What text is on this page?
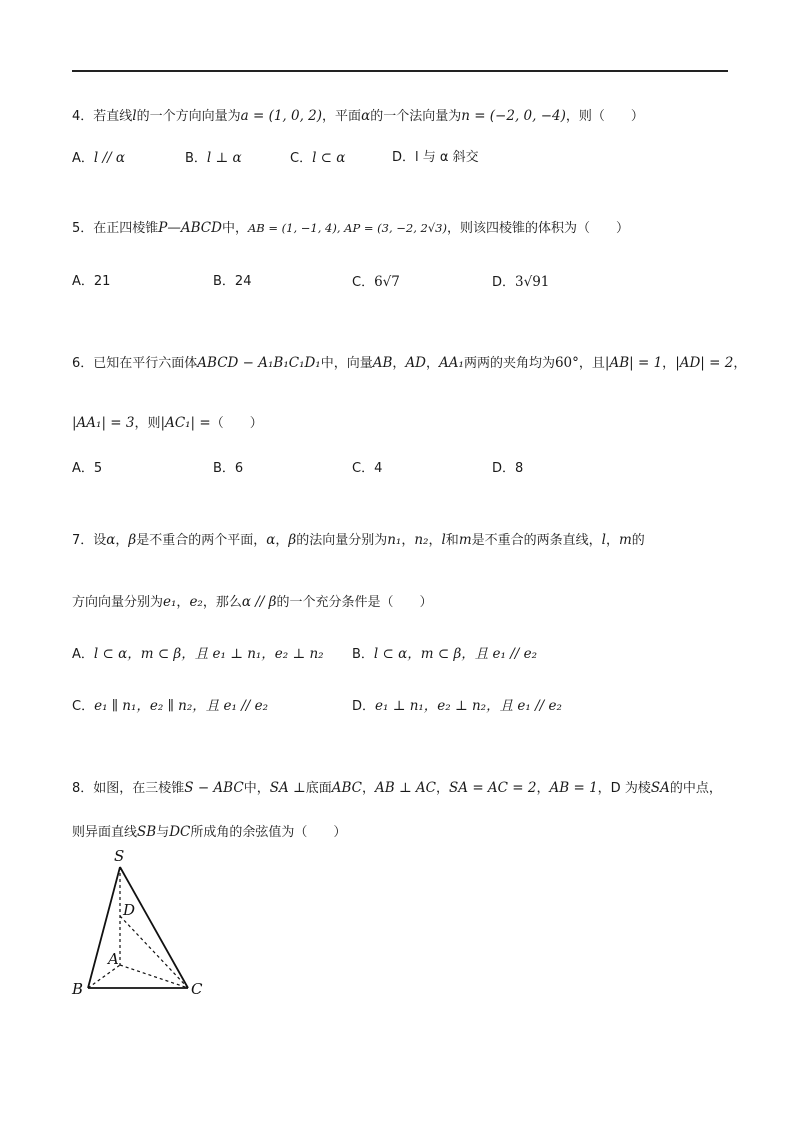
4．若直线l的一个方向向量为a = (1, 0, 2)，平面α的一个法向量为n = (−2, 0, −4)，则（　　）
A．l // α	B．l ⊥ α	C．l ⊂ α	D．l 与 α 斜交
5．在正四棱锥P—ABCD中，AB = (1, −1, 4), AP = (3, −2, 2√3)，则该四棱锥的体积为（　　）
A．21	B．24	C．6√7	D．3√91
6．已知在平行六面体ABCD − A₁B₁C₁D₁中，向量AB，AD，AA₁两两的夹角均为60°，且|AB| = 1，|AD| = 2，
|AA₁| = 3，则|AC₁| =（　　）
A．5	B．6	C．4	D．8
7．设α，β是不重合的两个平面，α，β的法向量分别为n₁，n₂，l和m是不重合的两条直线，l，m的
方向向量分别为e₁，e₂，那么α // β的一个充分条件是（　　）
A．l ⊂ α，m ⊂ β，且 e₁ ⊥ n₁，e₂ ⊥ n₂ B．l ⊂ α，m ⊂ β，且 e₁ // e₂
C．e₁ ∥ n₁，e₂ ∥ n₂，且 e₁ // e₂	D．e₁ ⊥ n₁，e₂ ⊥ n₂，且 e₁ // e₂
8．如图，在三棱锥S − ABC中，SA ⊥底面ABC，AB ⊥ AC，SA = AC = 2，AB = 1，D 为棱SA的中点，
则异面直线SB与DC所成角的余弦值为（　　）
S
D
A
B	C
